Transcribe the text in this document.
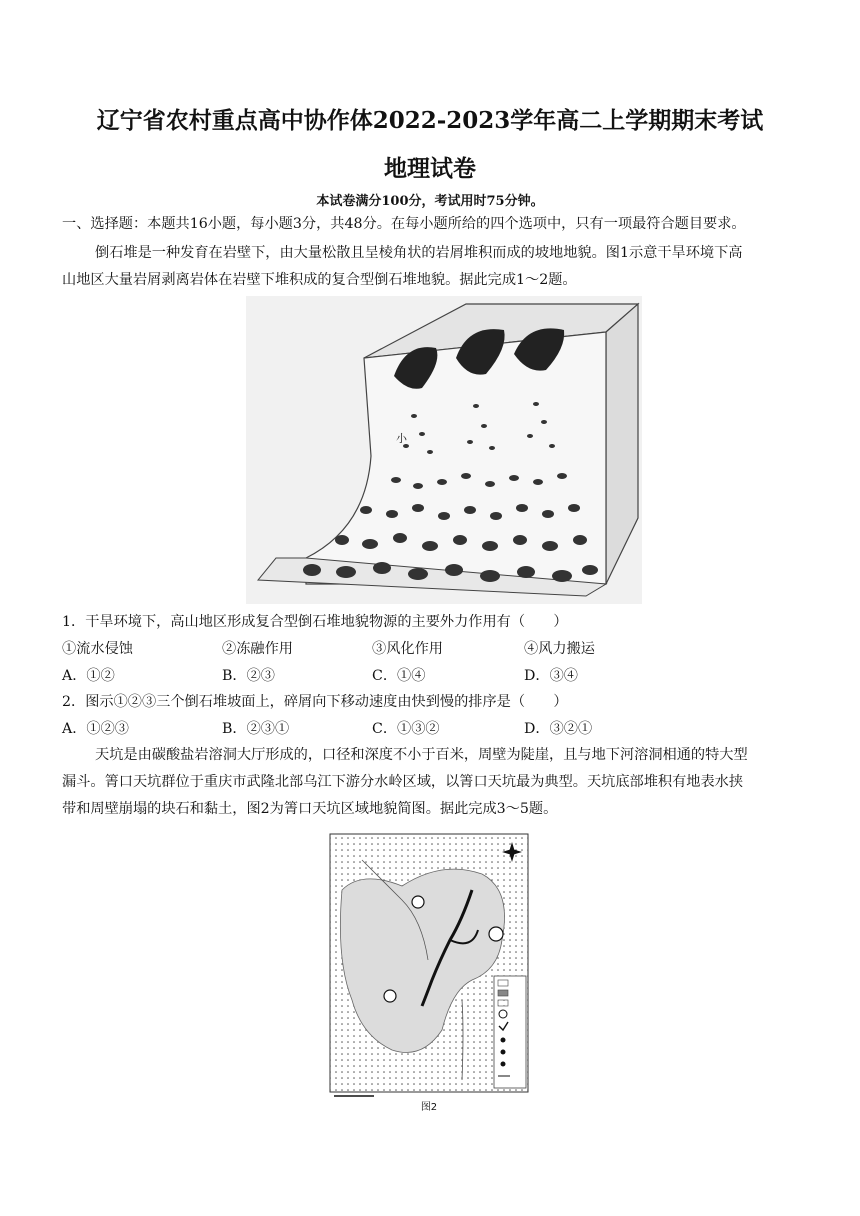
辽宁省农村重点高中协作体2022-2023学年高二上学期期末考试
地理试卷
本试卷满分100分，考试用时75分钟。
一、选择题：本题共16小题，每小题3分，共48分。在每小题所给的四个选项中，只有一项最符合题目要求。
倒石堆是一种发育在岩壁下，由大量松散且呈棱角状的岩屑堆积而成的坡地地貌。图1示意干旱环境下高
山地区大量岩屑剥离岩体在岩壁下堆积成的复合型倒石堆地貌。据此完成1～2题。
小
1．干旱环境下，高山地区形成复合型倒石堆地貌物源的主要外力作用有（　　）
①流水侵蚀	②冻融作用	③风化作用	④风力搬运
A．①②	B．②③	C．①④	D．③④
2．图示①②③三个倒石堆坡面上，碎屑向下移动速度由快到慢的排序是（　　）
A．①②③	B．②③①	C．①③②	D．③②①
天坑是由碳酸盐岩溶洞大厅形成的，口径和深度不小于百米，周壁为陡崖，且与地下河溶洞相通的特大型
漏斗。箐口天坑群位于重庆市武隆北部乌江下游分水岭区域，以箐口天坑最为典型。天坑底部堆积有地表水挟
带和周壁崩塌的块石和黏土，图2为箐口天坑区域地貌简图。据此完成3～5题。
图2
